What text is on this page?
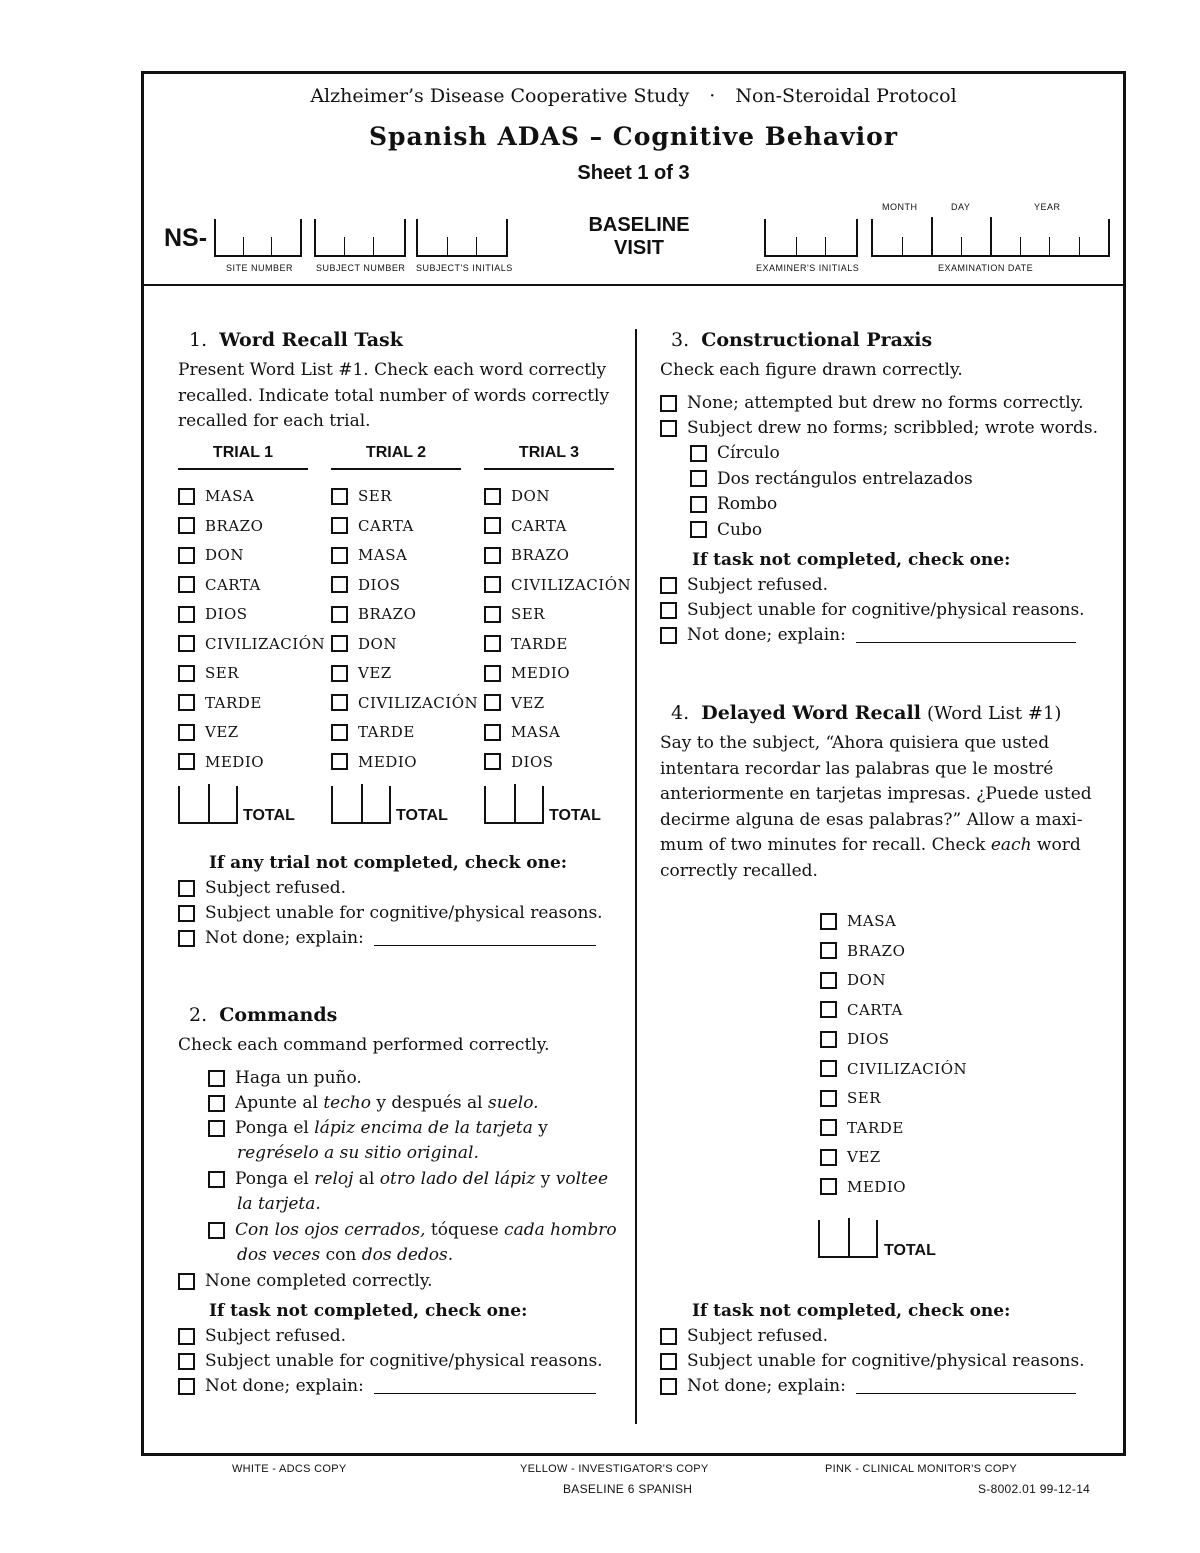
Alzheimer’s Disease Cooperative Study · Non-Steroidal Protocol
Spanish ADAS – Cognitive Behavior
Sheet 1 of 3
NS-
SITE NUMBER	SUBJECT NUMBER SUBJECT'S INITIALS
BASELINE
VISIT
EXAMINER'S INITIALS
MONTH	DAY	YEAR
EXAMINATION DATE
1. Word Recall Task
Present Word List #1. Check each word correctly
recalled. Indicate total number of words correctly
recalled for each trial.
TRIAL 1
MASA
BRAZO
DON
CARTA
DIOS
CIVILIZACIÓN
SER
TARDE
VEZ
MEDIO
TOTAL
TRIAL 2
SER
CARTA
MASA
DIOS
BRAZO
DON
VEZ
CIVILIZACIÓN
TARDE
MEDIO
TOTAL
TRIAL 3
DON
CARTA
BRAZO
CIVILIZACIÓN
SER
TARDE
MEDIO
VEZ
MASA
DIOS
TOTAL
If any trial not completed, check one:
Subject refused.
Subject unable for cognitive/physical reasons.
Not done; explain:
2. Commands
Check each command performed correctly.
Haga un puño.
Apunte al techo y después al suelo.
Ponga el lápiz encima de la tarjeta y
regréselo a su sitio original.
Ponga el reloj al otro lado del lápiz y voltee
la tarjeta.
Con los ojos cerrados, tóquese cada hombro
dos veces con dos dedos.
None completed correctly.
If task not completed, check one:
Subject refused.
Subject unable for cognitive/physical reasons.
Not done; explain:
3. Constructional Praxis
Check each figure drawn correctly.
None; attempted but drew no forms correctly.
Subject drew no forms; scribbled; wrote words.
Círculo
Dos rectángulos entrelazados
Rombo
Cubo
If task not completed, check one:
Subject refused.
Subject unable for cognitive/physical reasons.
Not done; explain:
4. Delayed Word Recall (Word List #1)
Say to the subject, “Ahora quisiera que usted
intentara recordar las palabras que le mostré
anteriormente en tarjetas impresas. ¿Puede usted
decirme alguna de esas palabras?” Allow a maxi-
mum of two minutes for recall. Check each word
correctly recalled.
MASA
BRAZO
DON
CARTA
DIOS
CIVILIZACIÓN
SER
TARDE
VEZ
MEDIO
TOTAL
If task not completed, check one:
Subject refused.
Subject unable for cognitive/physical reasons.
Not done; explain:
WHITE - ADCS COPY	YELLOW - INVESTIGATOR'S COPY	PINK - CLINICAL MONITOR'S COPY
BASELINE 6 SPANISH	S-8002.01 99-12-14
